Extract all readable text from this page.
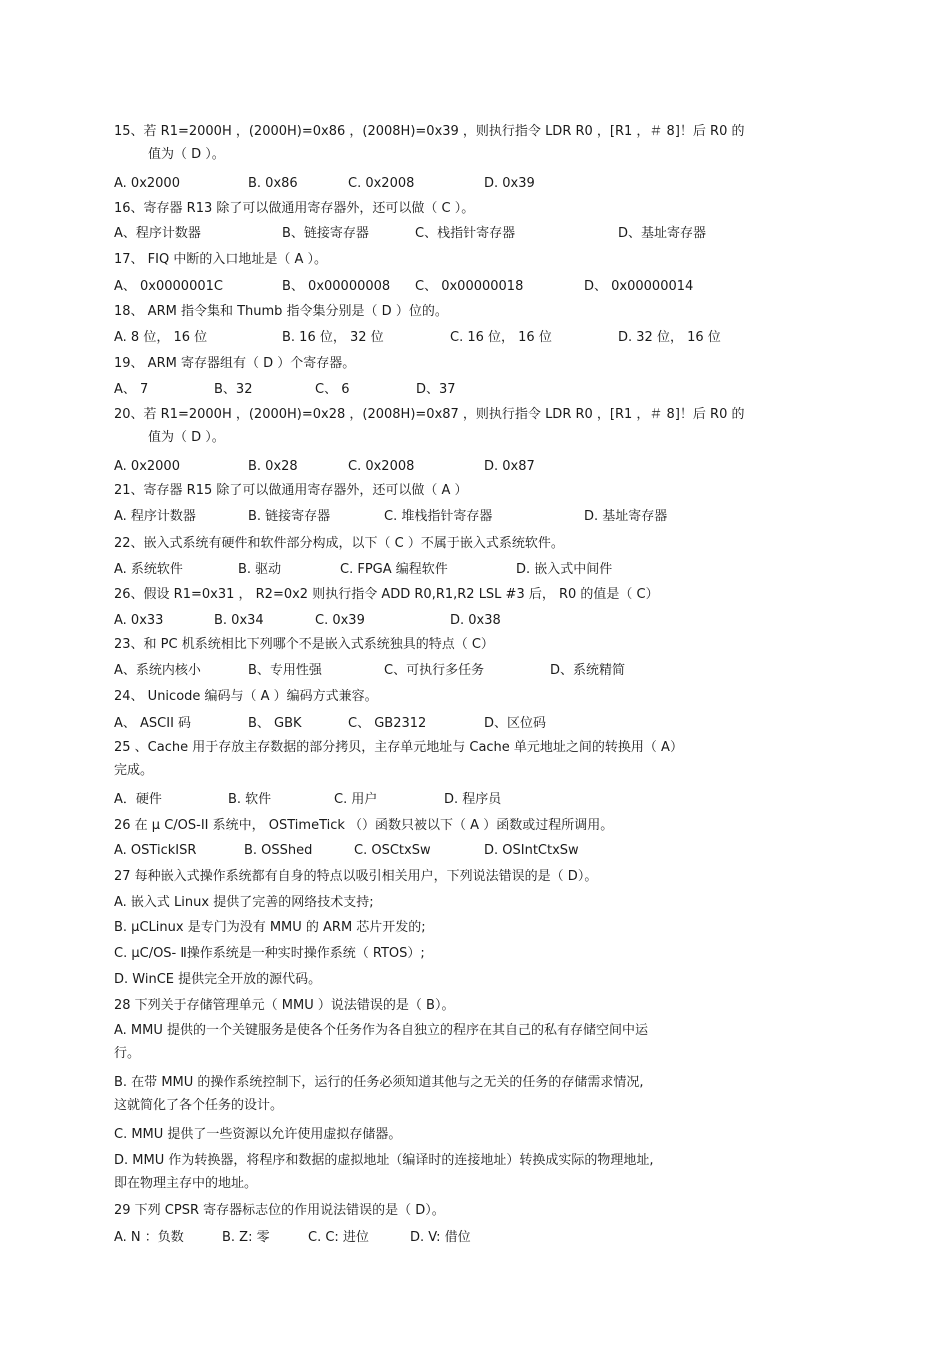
15、若 R1=2000H ，(2000H)=0x86 ，(2008H)=0x39 ，则执行指令 LDR R0 ，[R1 ，＃ 8]！后 R0 的
值为（ D ）。
A. 0x2000	B. 0x86	C. 0x2008	D. 0x39
16、寄存器 R13 除了可以做通用寄存器外，还可以做（ C ）。
A、程序计数器	B、链接寄存器	C、栈指针寄存器	D、基址寄存器
17、 FIQ 中断的入口地址是（ A ）。
A、 0x0000001C	B、 0x00000008 C、 0x00000018	D、 0x00000014
18、 ARM 指令集和 Thumb 指令集分别是（ D ）位的。
A. 8 位， 16 位	B. 16 位， 32 位	C. 16 位， 16 位	D. 32 位， 16 位
19、 ARM 寄存器组有（ D ）个寄存器。
A、 7	B、32	C、 6	D、37
20、若 R1=2000H ，(2000H)=0x28 ，(2008H)=0x87 ，则执行指令 LDR R0 ，[R1 ，＃ 8]！后 R0 的
值为（ D ）。
A. 0x2000	B. 0x28	C. 0x2008	D. 0x87
21、寄存器 R15 除了可以做通用寄存器外，还可以做（ A ）
A. 程序计数器	B. 链接寄存器	C. 堆栈指针寄存器	D. 基址寄存器
22、嵌入式系统有硬件和软件部分构成，以下（ C ）不属于嵌入式系统软件。
A. 系统软件	B. 驱动	C. FPGA 编程软件	D. 嵌入式中间件
26、假设 R1=0x31 ， R2=0x2 则执行指令 ADD R0,R1,R2 LSL #3 后， R0 的值是（ C）
A. 0x33	B. 0x34	C. 0x39	D. 0x38
23、和 PC 机系统相比下列哪个不是嵌入式系统独具的特点（ C）
A、系统内核小	B、专用性强	C、可执行多任务	D、系统精简
24、 Unicode 编码与（ A ）编码方式兼容。
A、 ASCII 码	B、 GBK	C、 GB2312	D、区位码
25 、Cache 用于存放主存数据的部分拷贝，主存单元地址与 Cache 单元地址之间的转换用（ A）
完成。
A．硬件	B. 软件	C. 用户	D. 程序员
26 在 μ C/OS-II 系统中， OSTimeTick （）函数只被以下（ A ）函数或过程所调用。
A. OSTickISR	B. OSShed	C. OSCtxSw	D. OSIntCtxSw
27 每种嵌入式操作系统都有自身的特点以吸引相关用户，下列说法错误的是（ D）。
A. 嵌入式 Linux 提供了完善的网络技术支持;
B. μCLinux 是专门为没有 MMU 的 ARM 芯片开发的;
C. μC/OS- Ⅱ操作系统是一种实时操作系统（ RTOS）;
D. WinCE 提供完全开放的源代码。
28 下列关于存储管理单元（ MMU ）说法错误的是（ B）。
A. MMU 提供的一个关键服务是使各个任务作为各自独立的程序在其自己的私有存储空间中运
行。
B. 在带 MMU 的操作系统控制下，运行的任务必须知道其他与之无关的任务的存储需求情况,
这就简化了各个任务的设计。
C. MMU 提供了一些资源以允许使用虚拟存储器。
D. MMU 作为转换器，将程序和数据的虚拟地址（编译时的连接地址）转换成实际的物理地址,
即在物理主存中的地址。
29 下列 CPSR 寄存器标志位的作用说法错误的是（ D）。
A. N ：负数	B. Z: 零	C. C: 进位	D. V: 借位
